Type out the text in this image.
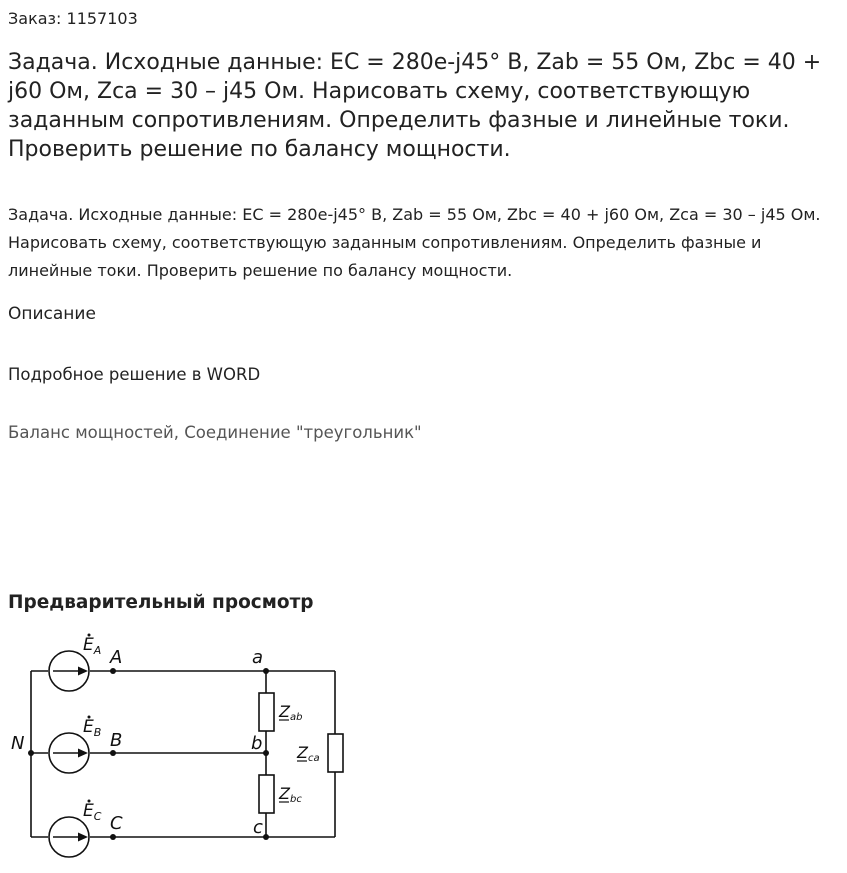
Заказ: 1157103
Задача. Исходные данные: EC = 280e-j45° В, Zab = 55 Ом, Zbc = 40 + j60 Ом, Zca = 30 – j45 Ом. Нарисовать схему, соответствующую заданным сопротивлениям. Определить фазные и линейные токи. Проверить решение по балансу мощности.

Задача. Исходные данные: EC = 280e-j45° В, Zab = 55 Ом, Zbc = 40 + j60 Ом, Zca = 30 – j45 Ом. Нарисовать схему, соответствующую заданным сопротивлениям. Определить фазные и линейные токи. Проверить решение по балансу мощности.

Описание
Подробное решение в WORD
Баланс мощностей, Соединение "треугольник"
Предварительный просмотр
$E_A$
$E_B$
$E_C$
A
B
C
N
a
b
c
Zab
Zbc
Zca
